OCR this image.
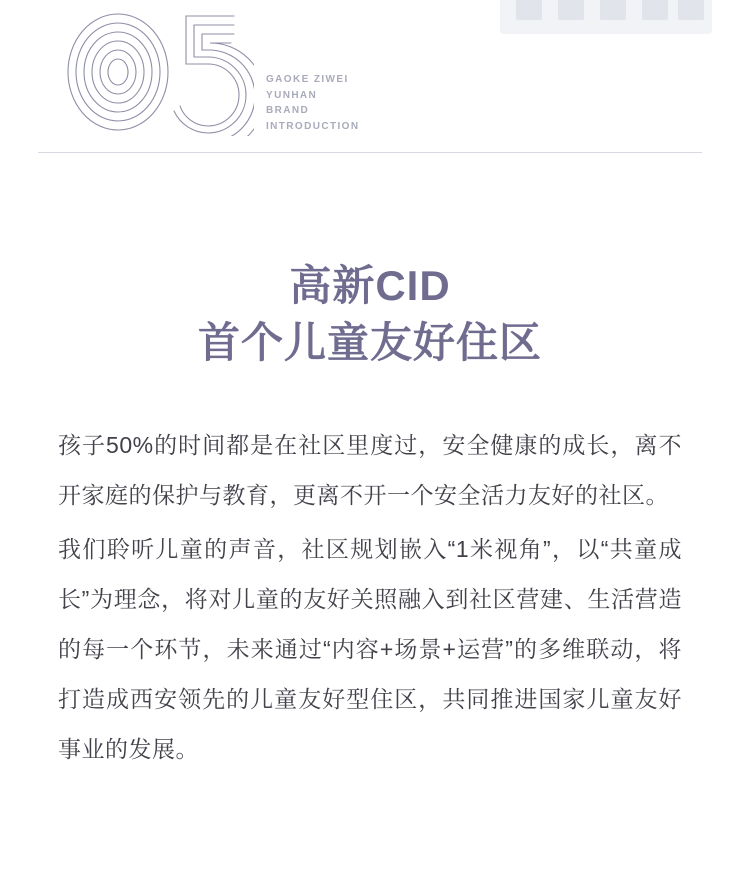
GAOKE ZIWEI
YUNHAN
BRAND
INTRODUCTION
高新CID
首个儿童友好住区

孩子50%的时间都是在社区里度过，安全健康的成长，离不开家庭的保护与教育，更离不开一个安全活力友好的社区。

我们聆听儿童的声音，社区规划嵌入“1米视角”，以“共童成长”为理念，将对儿童的友好关照融入到社区营建、生活营造的每一个环节，未来通过“内容+场景+运营”的多维联动，将打造成西安领先的儿童友好型住区，共同推进国家儿童友好事业的发展。
